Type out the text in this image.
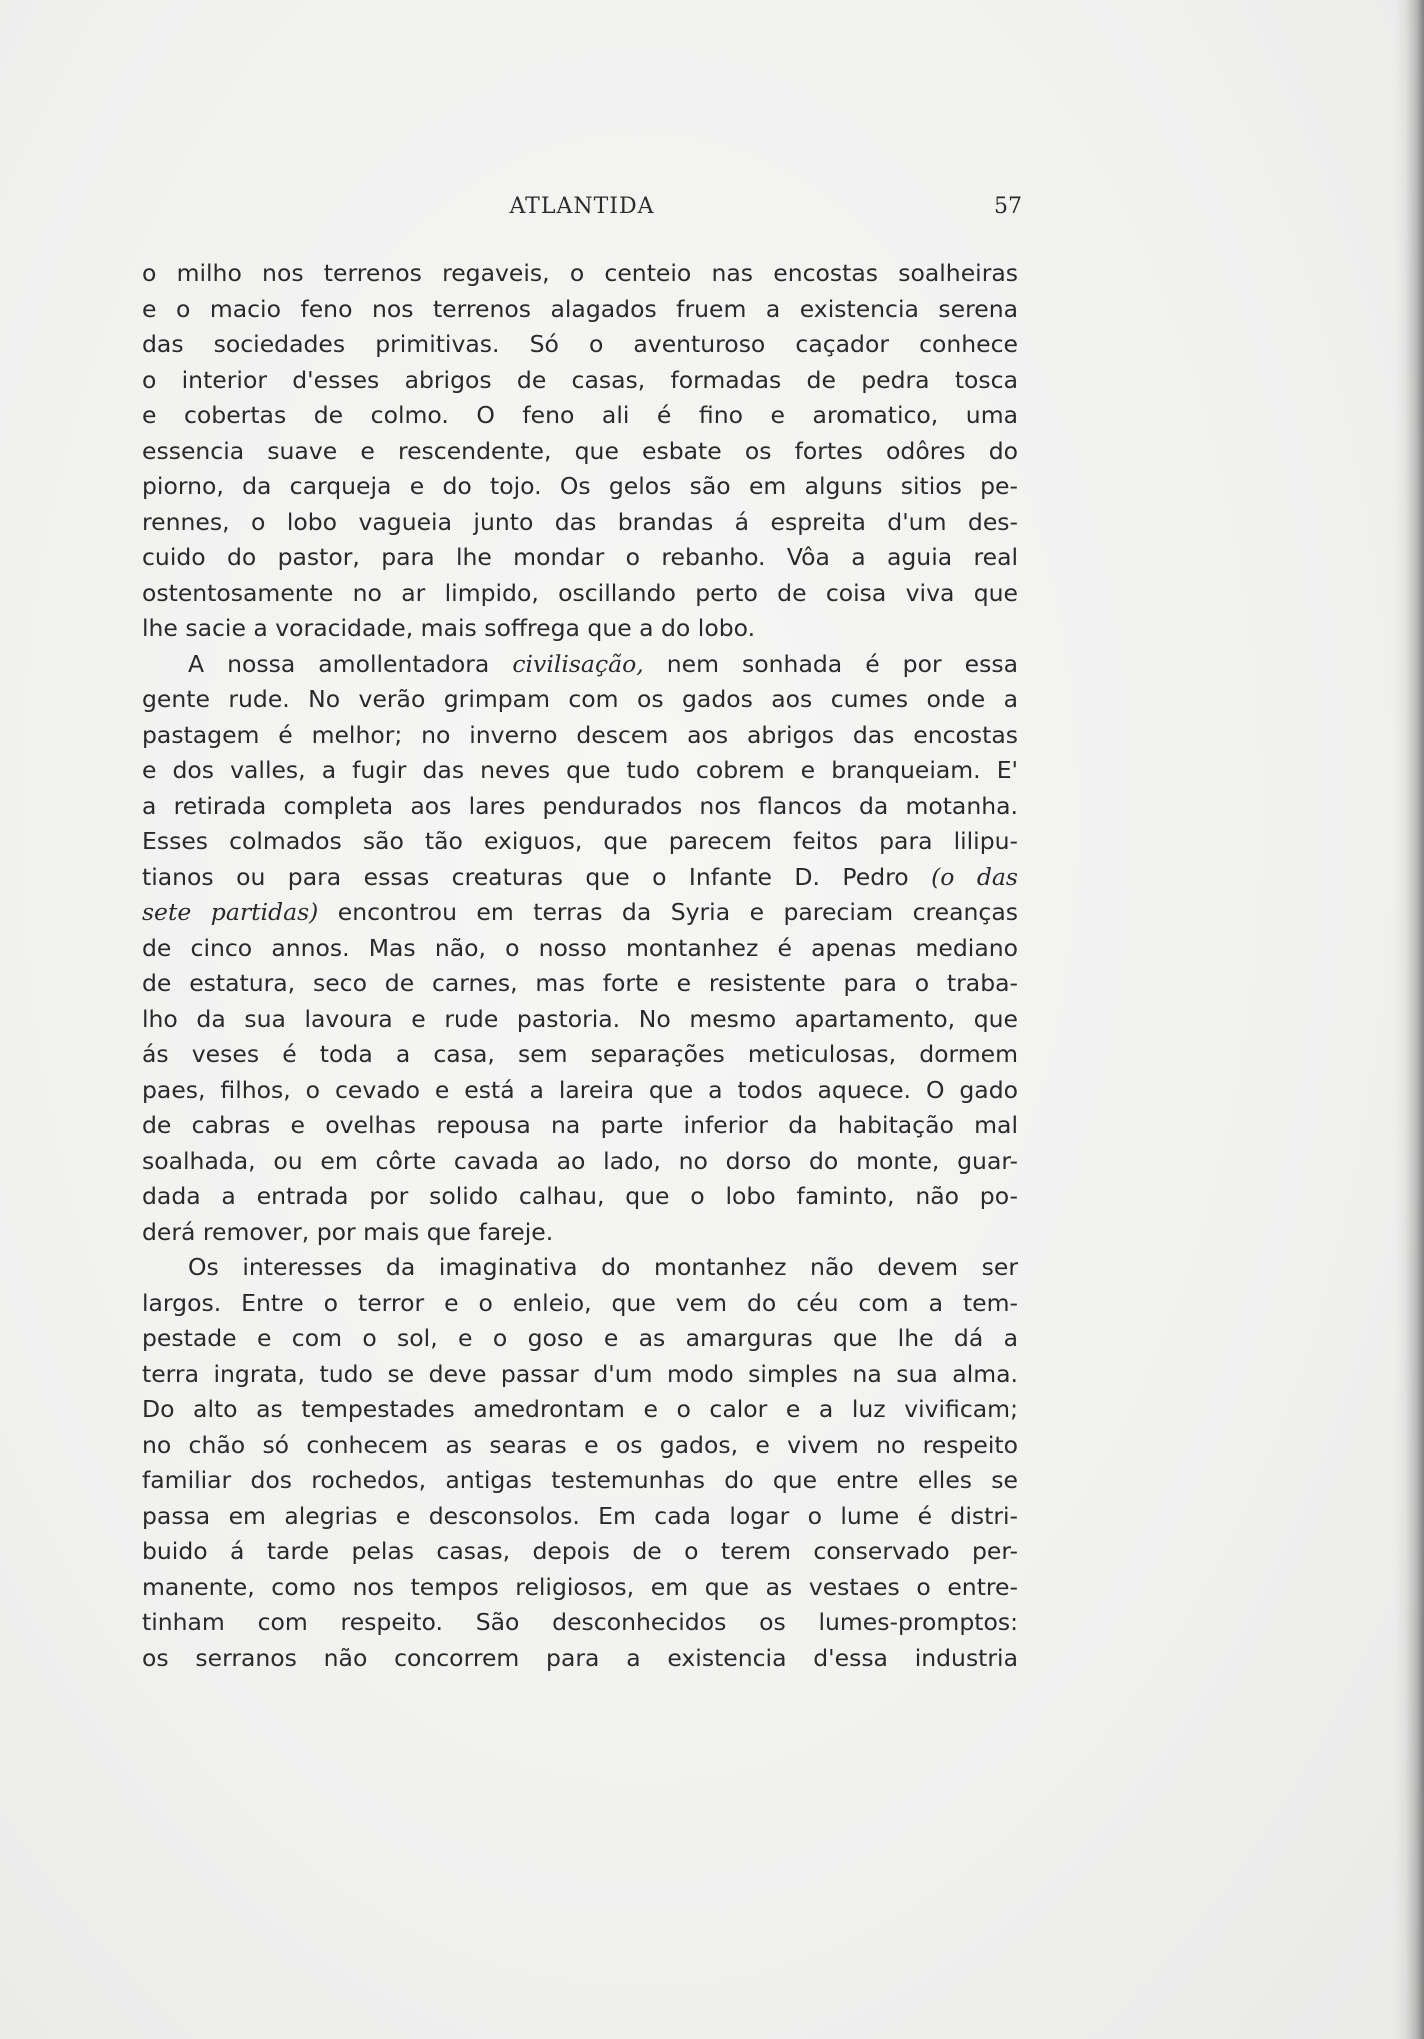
ATLANTIDA	57
o milho nos terrenos regaveis, o centeio nas encostas soalheiras
e o macio feno nos terrenos alagados fruem a existencia serena
das sociedades primitivas. Só o aventuroso caçador conhece
o interior d'esses abrigos de casas, formadas de pedra tosca
e cobertas de colmo. O feno ali é fino e aromatico, uma
essencia suave e rescendente, que esbate os fortes odôres do
piorno, da carqueja e do tojo. Os gelos são em alguns sitios pe-
rennes, o lobo vagueia junto das brandas á espreita d'um des-
cuido do pastor, para lhe mondar o rebanho. Vôa a aguia real
ostentosamente no ar limpido, oscillando perto de coisa viva que
lhe sacie a voracidade, mais soffrega que a do lobo.
A nossa amollentadora civilisação, nem sonhada é por essa
gente rude. No verão grimpam com os gados aos cumes onde a
pastagem é melhor; no inverno descem aos abrigos das encostas
e dos valles, a fugir das neves que tudo cobrem e branqueiam. E'
a retirada completa aos lares pendurados nos flancos da motanha.
Esses colmados são tão exiguos, que parecem feitos para lilipu-
tianos ou para essas creaturas que o Infante D. Pedro (o das
sete partidas) encontrou em terras da Syria e pareciam creanças
de cinco annos. Mas não, o nosso montanhez é apenas mediano
de estatura, seco de carnes, mas forte e resistente para o traba-
lho da sua lavoura e rude pastoria. No mesmo apartamento, que
ás veses é toda a casa, sem separações meticulosas, dormem
paes, filhos, o cevado e está a lareira que a todos aquece. O gado
de cabras e ovelhas repousa na parte inferior da habitação mal
soalhada, ou em côrte cavada ao lado, no dorso do monte, guar-
dada a entrada por solido calhau, que o lobo faminto, não po-
derá remover, por mais que fareje.
Os interesses da imaginativa do montanhez não devem ser
largos. Entre o terror e o enleio, que vem do céu com a tem-
pestade e com o sol, e o goso e as amarguras que lhe dá a
terra ingrata, tudo se deve passar d'um modo simples na sua alma.
Do alto as tempestades amedrontam e o calor e a luz vivificam;
no chão só conhecem as searas e os gados, e vivem no respeito
familiar dos rochedos, antigas testemunhas do que entre elles se
passa em alegrias e desconsolos. Em cada logar o lume é distri-
buido á tarde pelas casas, depois de o terem conservado per-
manente, como nos tempos religiosos, em que as vestaes o entre-
tinham com respeito. São desconhecidos os lumes-promptos:
os serranos não concorrem para a existencia d'essa industria
